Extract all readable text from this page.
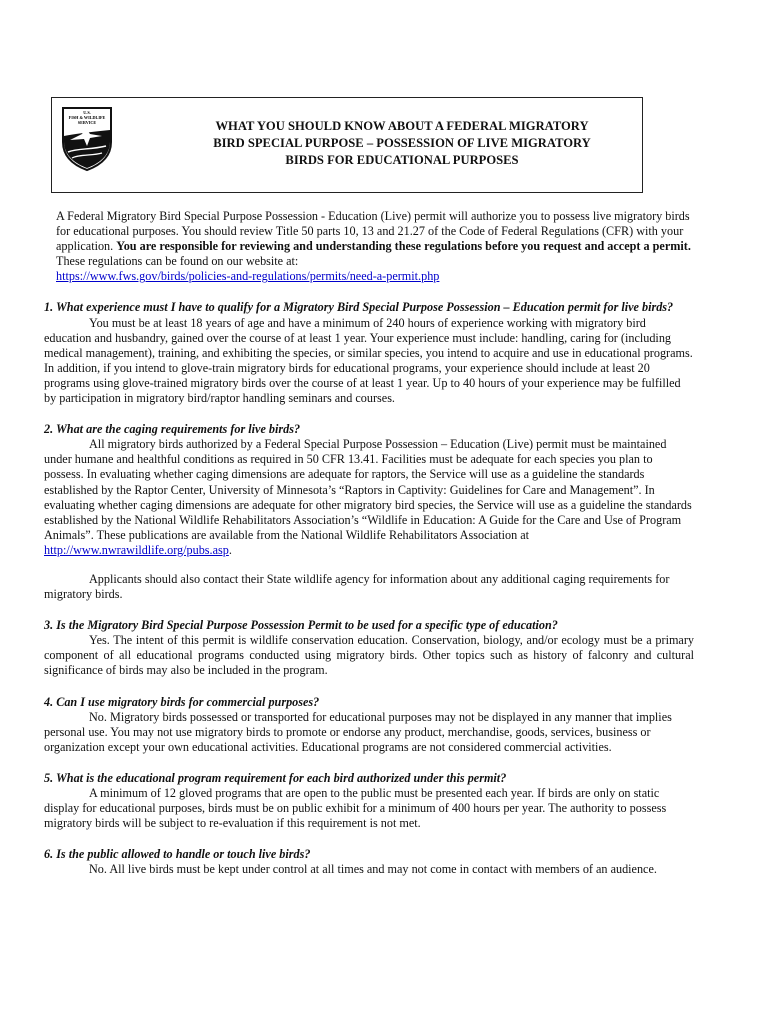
U.S.
FISH & WILDLIFE
SERVICE	WHAT YOU SHOULD KNOW ABOUT A FEDERAL MIGRATORY
BIRD SPECIAL PURPOSE – POSSESSION OF LIVE MIGRATORY
BIRDS FOR EDUCATIONAL PURPOSES

A Federal Migratory Bird Special Purpose Possession - Education (Live) permit will authorize you to possess live migratory birds for educational purposes. You should review Title 50 parts 10, 13 and 21.27 of the Code of Federal Regulations (CFR) with your application. You are responsible for reviewing and understanding these regulations before you request and accept a permit. These regulations can be found on our website at:
https://www.fws.gov/birds/policies-and-regulations/permits/need-a-permit.php

1. What experience must I have to qualify for a Migratory Bird Special Purpose Possession – Education permit for live birds?

You must be at least 18 years of age and have a minimum of 240 hours of experience working with migratory bird education and husbandry, gained over the course of at least 1 year. Your experience must include: handling, caring for (including medical management), training, and exhibiting the species, or similar species, you intend to acquire and use in educational programs. In addition, if you intend to glove-train migratory birds for educational programs, your experience should include at least 20 programs using glove-trained migratory birds over the course of at least 1 year. Up to 40 hours of your experience may be fulfilled by participation in migratory bird/raptor handling seminars and courses.

2. What are the caging requirements for live birds?

All migratory birds authorized by a Federal Special Purpose Possession – Education (Live) permit must be maintained under humane and healthful conditions as required in 50 CFR 13.41. Facilities must be adequate for each species you plan to possess. In evaluating whether caging dimensions are adequate for raptors, the Service will use as a guideline the standards established by the Raptor Center, University of Minnesota’s “Raptors in Captivity: Guidelines for Care and Management”. In evaluating whether caging dimensions are adequate for other migratory bird species, the Service will use as a guideline the standards established by the National Wildlife Rehabilitators Association’s “Wildlife in Education: A Guide for the Care and Use of Program Animals”. These publications are available from the National Wildlife Rehabilitators Association at http://www.nwrawildlife.org/pubs.asp.

Applicants should also contact their State wildlife agency for information about any additional caging requirements for migratory birds.

3. Is the Migratory Bird Special Purpose Possession Permit to be used for a specific type of education?

Yes. The intent of this permit is wildlife conservation education. Conservation, biology, and/or ecology must be a primary component of all educational programs conducted using migratory birds. Other topics such as history of falconry and cultural significance of birds may also be included in the program.

4. Can I use migratory birds for commercial purposes?

No. Migratory birds possessed or transported for educational purposes may not be displayed in any manner that implies personal use. You may not use migratory birds to promote or endorse any product, merchandise, goods, services, business or organization except your own educational activities. Educational programs are not considered commercial activities.

5. What is the educational program requirement for each bird authorized under this permit?

A minimum of 12 gloved programs that are open to the public must be presented each year. If birds are only on static display for educational purposes, birds must be on public exhibit for a minimum of 400 hours per year. The authority to possess migratory birds will be subject to re-evaluation if this requirement is not met.

6. Is the public allowed to handle or touch live birds?

No. All live birds must be kept under control at all times and may not come in contact with members of an audience.
